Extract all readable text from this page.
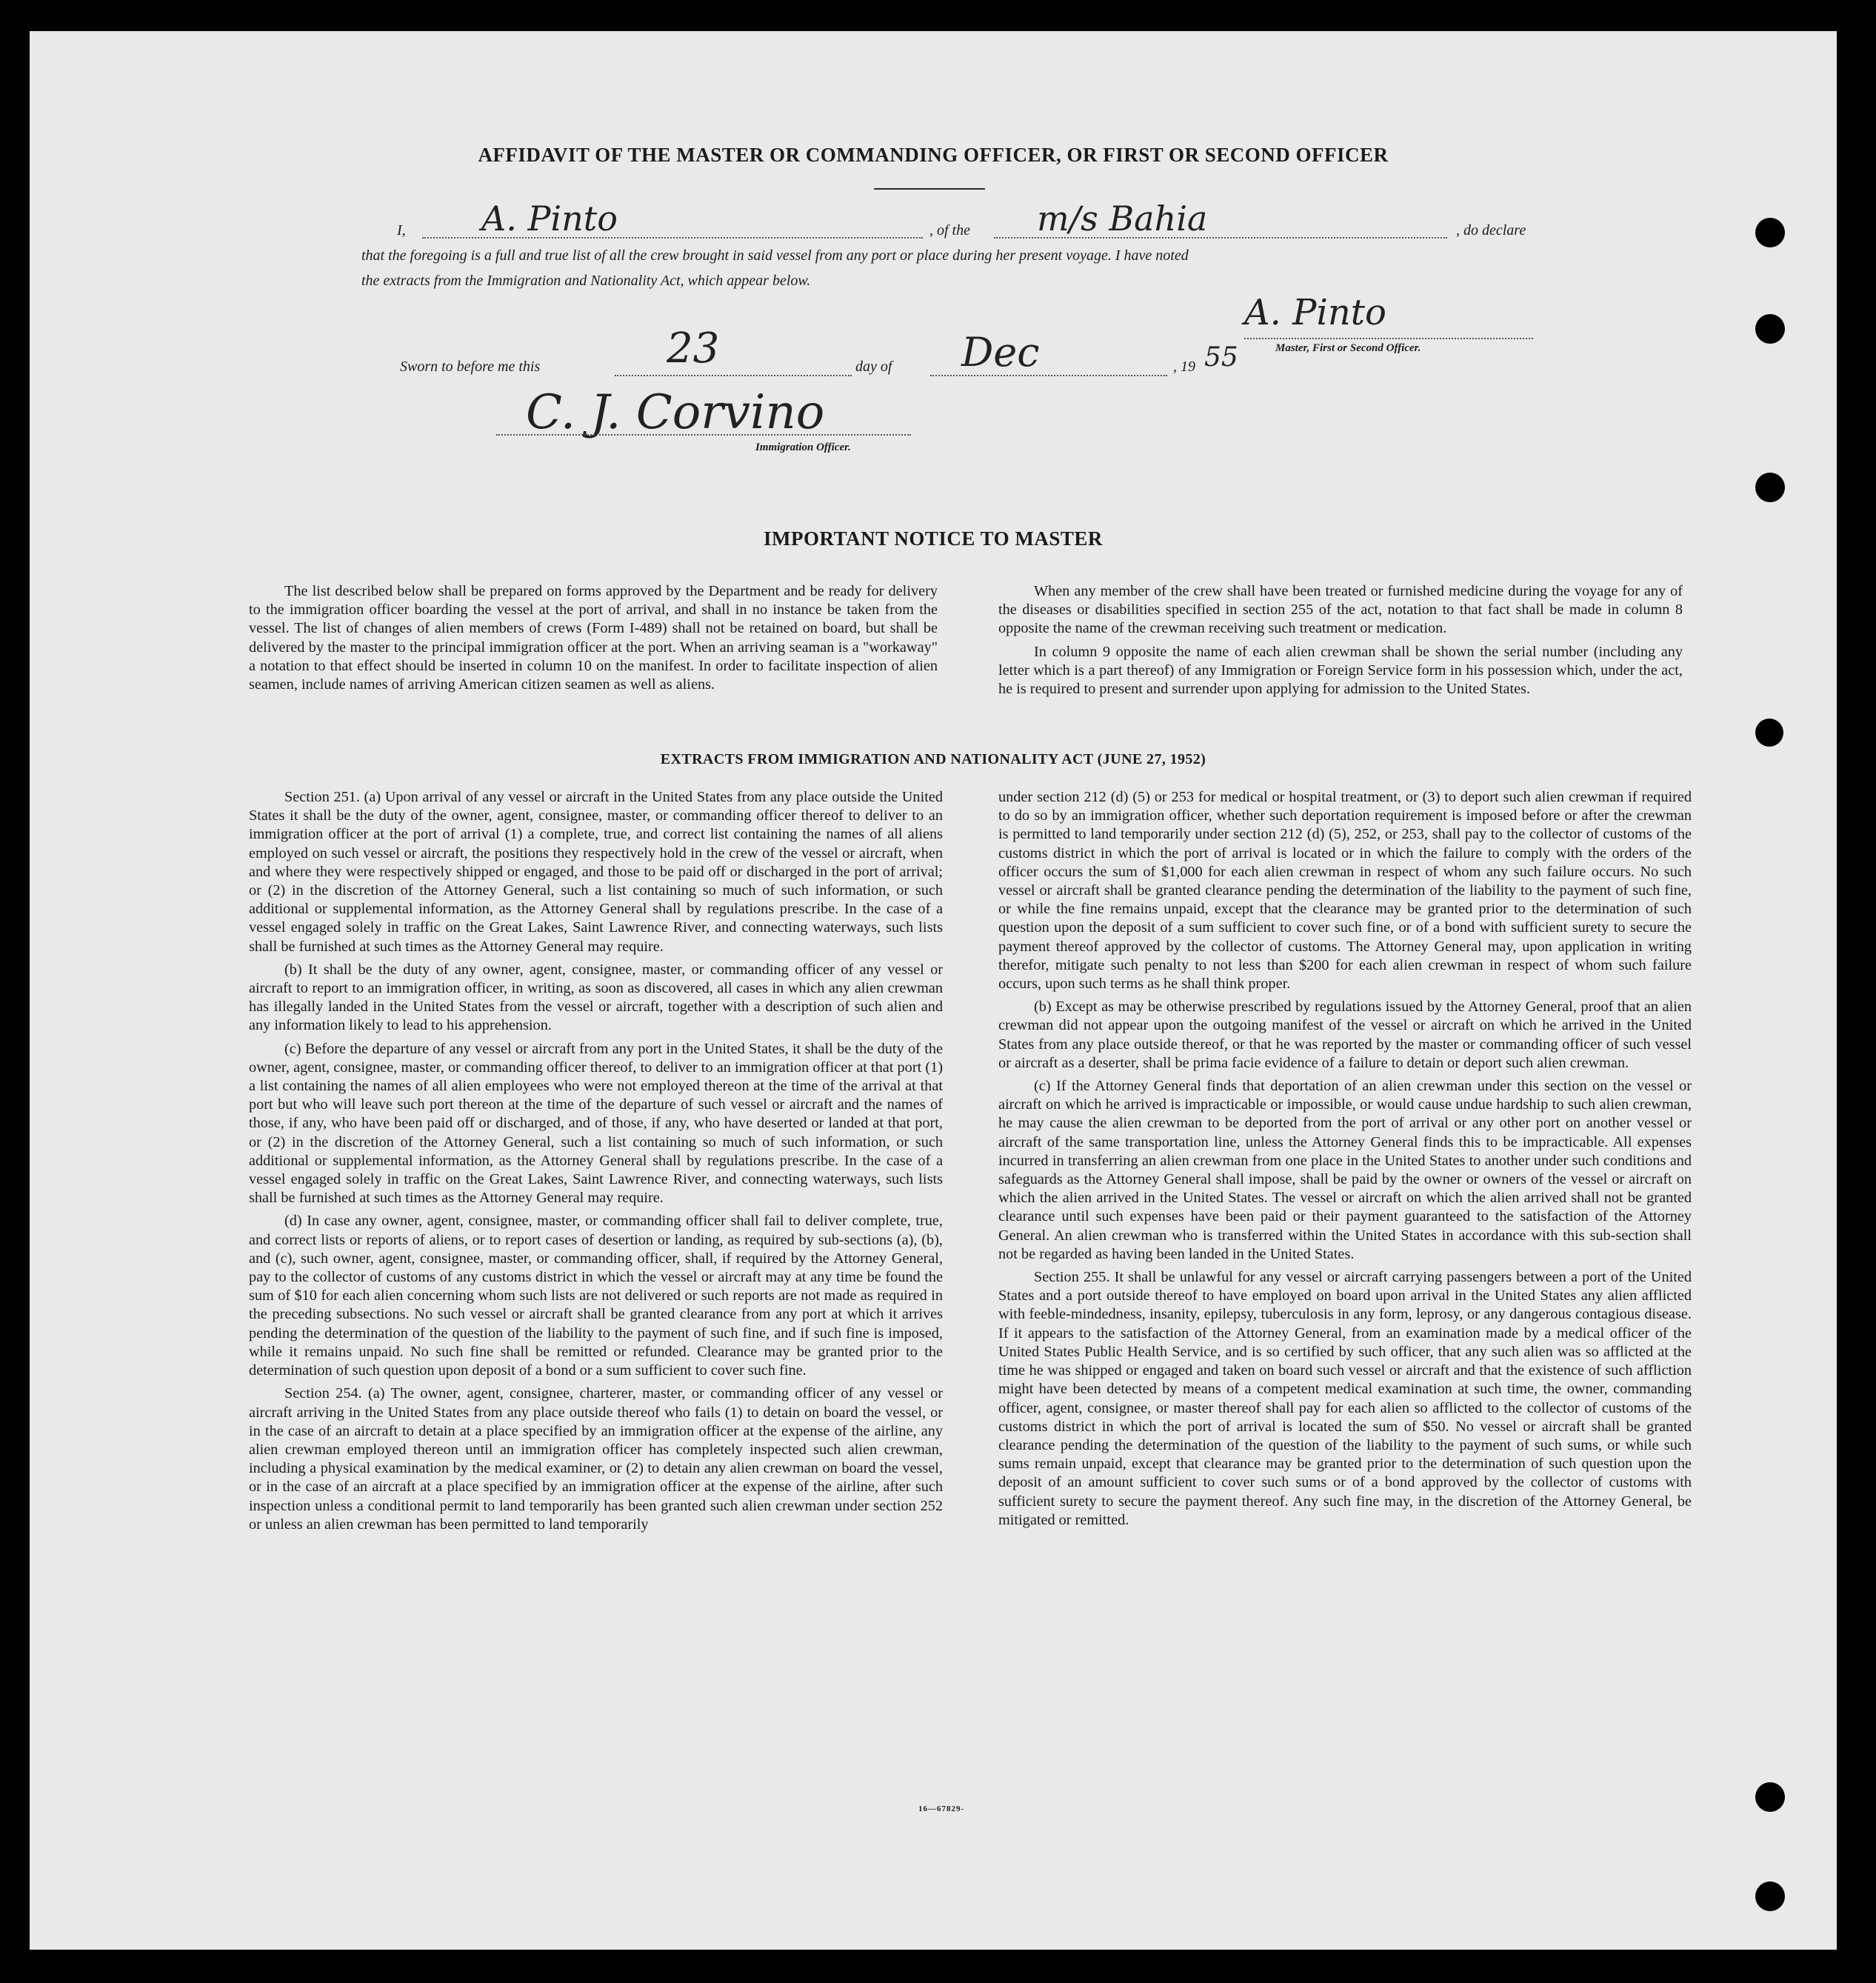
AFFIDAVIT OF THE MASTER OR COMMANDING OFFICER, OR FIRST OR SECOND OFFICER
I, A. Pinto	, of the m/s Bahia	, do declare
that the foregoing is a full and true list of all the crew brought in said vessel from any port or place during her present voyage. I have noted
the extracts from the Immigration and Nationality Act, which appear below.
A. Pinto
Master, First or Second Officer.
Sworn to before me this	23	day of Dec	, 19 55
C. J. Corvino
Immigration Officer.
IMPORTANT NOTICE TO MASTER

The list described below shall be prepared on forms approved by the Department and be ready for delivery to the immigration officer boarding the vessel at the port of arrival, and shall in no instance be taken from the vessel. The list of changes of alien members of crews (Form I-489) shall not be retained on board, but shall be delivered by the master to the principal immigration officer at the port. When an arriving seaman is a "workaway" a notation to that effect should be inserted in column 10 on the manifest. In order to facilitate inspection of alien seamen, include names of arriving American citizen seamen as well as aliens.

When any member of the crew shall have been treated or furnished medicine during the voyage for any of the diseases or disabilities specified in section 255 of the act, notation to that fact shall be made in column 8 opposite the name of the crewman receiving such treatment or medication.

In column 9 opposite the name of each alien crewman shall be shown the serial number (including any letter which is a part thereof) of any Immigration or Foreign Service form in his possession which, under the act, he is required to present and surrender upon applying for admission to the United States.

EXTRACTS FROM IMMIGRATION AND NATIONALITY ACT (JUNE 27, 1952)

Section 251. (a) Upon arrival of any vessel or aircraft in the United States from any place outside the United States it shall be the duty of the owner, agent, consignee, master, or commanding officer thereof to deliver to an immigration officer at the port of arrival (1) a complete, true, and correct list containing the names of all aliens employed on such vessel or aircraft, the positions they respectively hold in the crew of the vessel or aircraft, when and where they were respectively shipped or engaged, and those to be paid off or discharged in the port of arrival; or (2) in the discretion of the Attorney General, such a list containing so much of such information, or such additional or supplemental information, as the Attorney General shall by regulations prescribe. In the case of a vessel engaged solely in traffic on the Great Lakes, Saint Lawrence River, and connecting waterways, such lists shall be furnished at such times as the Attorney General may require.

(b) It shall be the duty of any owner, agent, consignee, master, or commanding officer of any vessel or aircraft to report to an immigration officer, in writing, as soon as discovered, all cases in which any alien crewman has illegally landed in the United States from the vessel or aircraft, together with a description of such alien and any information likely to lead to his apprehension.

(c) Before the departure of any vessel or aircraft from any port in the United States, it shall be the duty of the owner, agent, consignee, master, or commanding officer thereof, to deliver to an immigration officer at that port (1) a list containing the names of all alien employees who were not employed thereon at the time of the arrival at that port but who will leave such port thereon at the time of the departure of such vessel or aircraft and the names of those, if any, who have been paid off or discharged, and of those, if any, who have deserted or landed at that port, or (2) in the discretion of the Attorney General, such a list containing so much of such information, or such additional or supplemental information, as the Attorney General shall by regulations prescribe. In the case of a vessel engaged solely in traffic on the Great Lakes, Saint Lawrence River, and connecting waterways, such lists shall be furnished at such times as the Attorney General may require.

(d) In case any owner, agent, consignee, master, or commanding officer shall fail to deliver complete, true, and correct lists or reports of aliens, or to report cases of desertion or landing, as required by sub-sections (a), (b), and (c), such owner, agent, consignee, master, or commanding officer, shall, if required by the Attorney General, pay to the collector of customs of any customs district in which the vessel or aircraft may at any time be found the sum of $10 for each alien concerning whom such lists are not delivered or such reports are not made as required in the preceding subsections. No such vessel or aircraft shall be granted clearance from any port at which it arrives pending the determination of the question of the liability to the payment of such fine, and if such fine is imposed, while it remains unpaid. No such fine shall be remitted or refunded. Clearance may be granted prior to the determination of such question upon deposit of a bond or a sum sufficient to cover such fine.

Section 254. (a) The owner, agent, consignee, charterer, master, or commanding officer of any vessel or aircraft arriving in the United States from any place outside thereof who fails (1) to detain on board the vessel, or in the case of an aircraft to detain at a place specified by an immigration officer at the expense of the airline, any alien crewman employed thereon until an immigration officer has completely inspected such alien crewman, including a physical examination by the medical examiner, or (2) to detain any alien crewman on board the vessel, or in the case of an aircraft at a place specified by an immigration officer at the expense of the airline, after such inspection unless a conditional permit to land temporarily has been granted such alien crewman under section 252 or unless an alien crewman has been permitted to land temporarily

under section 212 (d) (5) or 253 for medical or hospital treatment, or (3) to deport such alien crewman if required to do so by an immigration officer, whether such deportation requirement is imposed before or after the crewman is permitted to land temporarily under section 212 (d) (5), 252, or 253, shall pay to the collector of customs of the customs district in which the port of arrival is located or in which the failure to comply with the orders of the officer occurs the sum of $1,000 for each alien crewman in respect of whom any such failure occurs. No such vessel or aircraft shall be granted clearance pending the determination of the liability to the payment of such fine, or while the fine remains unpaid, except that the clearance may be granted prior to the determination of such question upon the deposit of a sum sufficient to cover such fine, or of a bond with sufficient surety to secure the payment thereof approved by the collector of customs. The Attorney General may, upon application in writing therefor, mitigate such penalty to not less than $200 for each alien crewman in respect of whom such failure occurs, upon such terms as he shall think proper.

(b) Except as may be otherwise prescribed by regulations issued by the Attorney General, proof that an alien crewman did not appear upon the outgoing manifest of the vessel or aircraft on which he arrived in the United States from any place outside thereof, or that he was reported by the master or commanding officer of such vessel or aircraft as a deserter, shall be prima facie evidence of a failure to detain or deport such alien crewman.

(c) If the Attorney General finds that deportation of an alien crewman under this section on the vessel or aircraft on which he arrived is impracticable or impossible, or would cause undue hardship to such alien crewman, he may cause the alien crewman to be deported from the port of arrival or any other port on another vessel or aircraft of the same transportation line, unless the Attorney General finds this to be impracticable. All expenses incurred in transferring an alien crewman from one place in the United States to another under such conditions and safeguards as the Attorney General shall impose, shall be paid by the owner or owners of the vessel or aircraft on which the alien arrived in the United States. The vessel or aircraft on which the alien arrived shall not be granted clearance until such expenses have been paid or their payment guaranteed to the satisfaction of the Attorney General. An alien crewman who is transferred within the United States in accordance with this sub-section shall not be regarded as having been landed in the United States.

Section 255. It shall be unlawful for any vessel or aircraft carrying passengers between a port of the United States and a port outside thereof to have employed on board upon arrival in the United States any alien afflicted with feeble-mindedness, insanity, epilepsy, tuberculosis in any form, leprosy, or any dangerous contagious disease. If it appears to the satisfaction of the Attorney General, from an examination made by a medical officer of the United States Public Health Service, and is so certified by such officer, that any such alien was so afflicted at the time he was shipped or engaged and taken on board such vessel or aircraft and that the existence of such affliction might have been detected by means of a competent medical examination at such time, the owner, commanding officer, agent, consignee, or master thereof shall pay for each alien so afflicted to the collector of customs of the customs district in which the port of arrival is located the sum of $50. No vessel or aircraft shall be granted clearance pending the determination of the question of the liability to the payment of such sums, or while such sums remain unpaid, except that clearance may be granted prior to the determination of such question upon the deposit of an amount sufficient to cover such sums or of a bond approved by the collector of customs with sufficient surety to secure the payment thereof. Any such fine may, in the discretion of the Attorney General, be mitigated or remitted.

16—67829-
